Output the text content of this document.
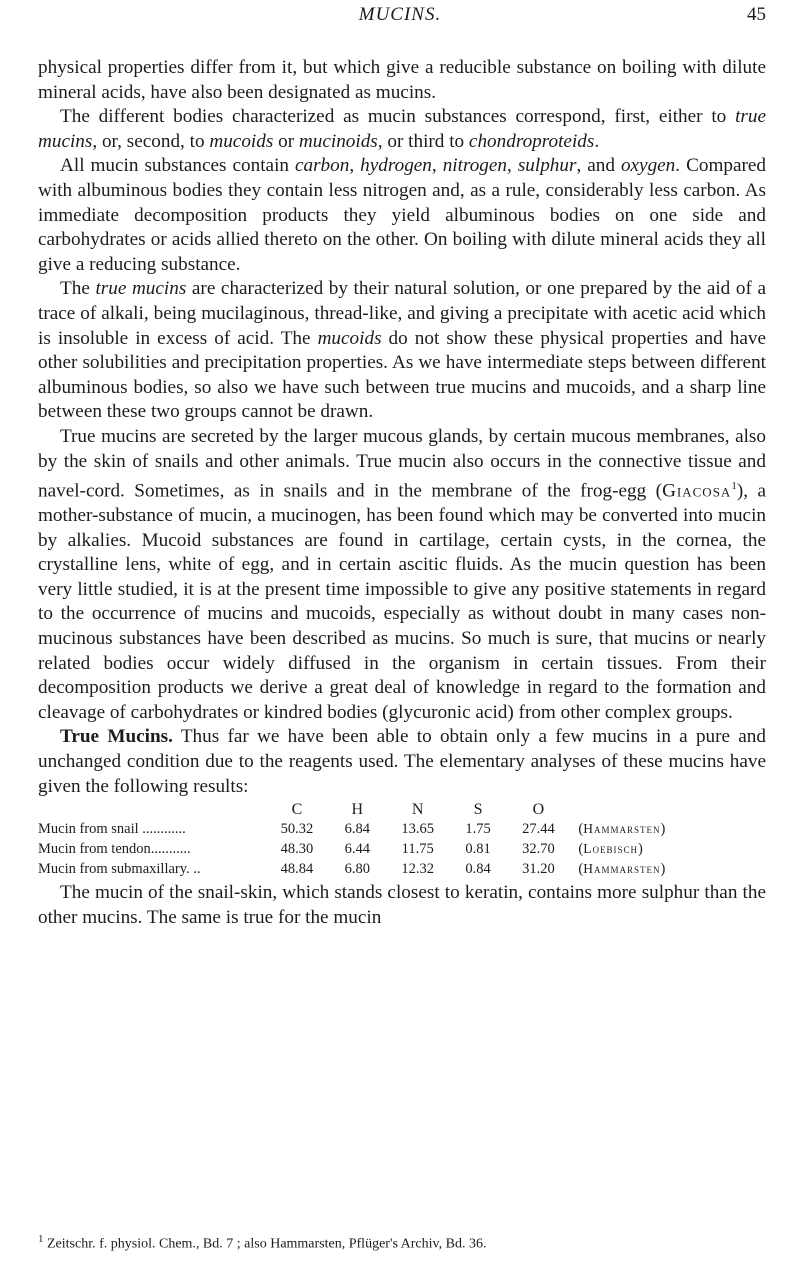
MUCINS.	45

physical properties differ from it, but which give a reducible substance on boiling with dilute mineral acids, have also been designated as mucins.

The different bodies characterized as mucin substances correspond, first, either to true mucins, or, second, to mucoids or mucinoids, or third to chondroproteids.

All mucin substances contain carbon, hydrogen, nitrogen, sulphur, and oxygen. Compared with albuminous bodies they contain less nitrogen and, as a rule, considerably less carbon. As immediate decomposition products they yield albuminous bodies on one side and carbohydrates or acids allied thereto on the other. On boiling with dilute mineral acids they all give a reducing substance.

The true mucins are characterized by their natural solution, or one prepared by the aid of a trace of alkali, being mucilaginous, thread-like, and giving a precipitate with acetic acid which is insoluble in excess of acid. The mucoids do not show these physical properties and have other solubilities and precipitation properties. As we have intermediate steps between different albuminous bodies, so also we have such between true mucins and mucoids, and a sharp line between these two groups cannot be drawn.

True mucins are secreted by the larger mucous glands, by certain mucous membranes, also by the skin of snails and other animals. True mucin also occurs in the connective tissue and navel-cord. Sometimes, as in snails and in the membrane of the frog-egg (Giacosa$^1$), a mother-substance of mucin, a mucinogen, has been found which may be converted into mucin by alkalies. Mucoid substances are found in cartilage, certain cysts, in the cornea, the crystalline lens, white of egg, and in certain ascitic fluids. As the mucin question has been very little studied, it is at the present time impossible to give any positive statements in regard to the occurrence of mucins and mucoids, especially as without doubt in many cases non-mucinous substances have been described as mucins. So much is sure, that mucins or nearly related bodies occur widely diffused in the organism in certain tissues. From their decomposition products we derive a great deal of knowledge in regard to the formation and cleavage of carbohydrates or kindred bodies (glycuronic acid) from other complex groups.

True Mucins. Thus far we have been able to obtain only a few mucins in a pure and unchanged condition due to the reagents used. The elementary analyses of these mucins have given the following results:

	C	H	N	S	O	
Mucin from snail ............	50.32	6.84	13.65	1.75	27.44	(Hammarsten)
Mucin from tendon...........	48.30	6.44	11.75	0.81	32.70	(Loebisch)
Mucin from submaxillary. ..	48.84	6.80	12.32	0.84	31.20	(Hammarsten)

The mucin of the snail-skin, which stands closest to keratin, contains more sulphur than the other mucins. The same is true for the mucin

$^1$ Zeitschr. f. physiol. Chem., Bd. 7 ; also Hammarsten, Pflüger's Archiv, Bd. 36.
